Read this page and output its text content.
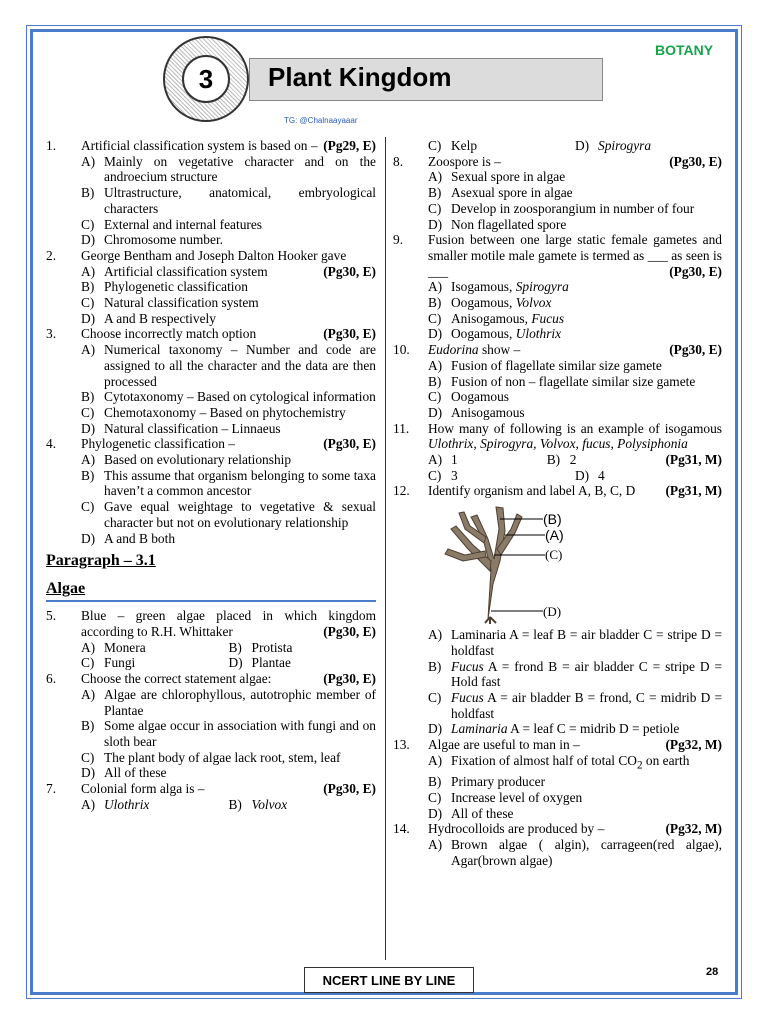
BOTANY
3	Plant Kingdom
TG: @Chalnaayaaar
1. Artificial classification system is based on – (Pg29, E)
A) Mainly on vegetative character and on the androecium structure
B) Ultrastructure, anatomical, embryological characters
C) External and internal features
D) Chromosome number.
2. George Bentham and Joseph Dalton Hooker gave
(Pg30, E)
A) Artificial classification system
B) Phylogenetic classification
C) Natural classification system
D) A and B respectively
3. Choose incorrectly match option	(Pg30, E)
A) Numerical taxonomy – Number and code are assigned to all the character and the data are then processed
B) Cytotaxonomy – Based on cytological information
C) Chemotaxonomy – Based on phytochemistry
D) Natural classification – Linnaeus
4. Phylogenetic classification –	(Pg30, E)
A) Based on evolutionary relationship
B) This assume that organism belonging to some taxa haven’t a common ancestor
C) Gave equal weightage to vegetative & sexual character but not on evolutionary relationship
D) A and B both
Paragraph – 3.1
Algae
5. Blue – green algae placed in which kingdom according to R.H. Whittaker	(Pg30, E)
A) Monera	B) Protista
C) Fungi	D) Plantae
6. Choose the correct statement algae:	(Pg30, E)
A) Algae are chlorophyllous, autotrophic member of Plantae
B) Some algae occur in association with fungi and on sloth bear
C) The plant body of algae lack root, stem, leaf
D) All of these
7. Colonial form alga is –	(Pg30, E)
A) Ulothrix	B) Volvox
C) Kelp	D) Spirogyra
8. Zoospore is –	(Pg30, E)
A) Sexual spore in algae
B) Asexual spore in algae
C) Develop in zoosporangium in number of four
D) Non flagellated spore
9. Fusion between one large static female gametes and smaller motile male gamete is termed as ___ as seen is ___	(Pg30, E)
A) Isogamous, Spirogyra
B) Oogamous, Volvox
C) Anisogamous, Fucus
D) Oogamous, Ulothrix
10. Eudorina show –	(Pg30, E)
A) Fusion of flagellate similar size gamete
B) Fusion of non – flagellate similar size gamete
C) Oogamous
D) Anisogamous
11. How many of following is an example of isogamous Ulothrix, Spirogyra, Volvox, fucus, Polysiphonia
(Pg31, M)
A) 1	B) 2
C) 3	D) 4
12. Identify organism and label A, B, C, D (Pg31, M)
(B)
(A)
(C)
(D)
A) Laminaria A = leaf B = air bladder C = stripe D = holdfast
B) Fucus A = frond B = air bladder C = stripe D = Hold fast
C) Fucus A = air bladder B = frond, C = midrib D = holdfast
D) Laminaria A = leaf C = midrib D = petiole
13. Algae are useful to man in –	(Pg32, M)
A) Fixation of almost half of total $CO_2$ on earth
B) Primary producer
C) Increase level of oxygen
D) All of these
14. Hydrocolloids are produced by –	(Pg32, M)
A) Brown algae ( algin), carrageen(red algae), Agar(brown algae)
NCERT LINE BY LINE
28
